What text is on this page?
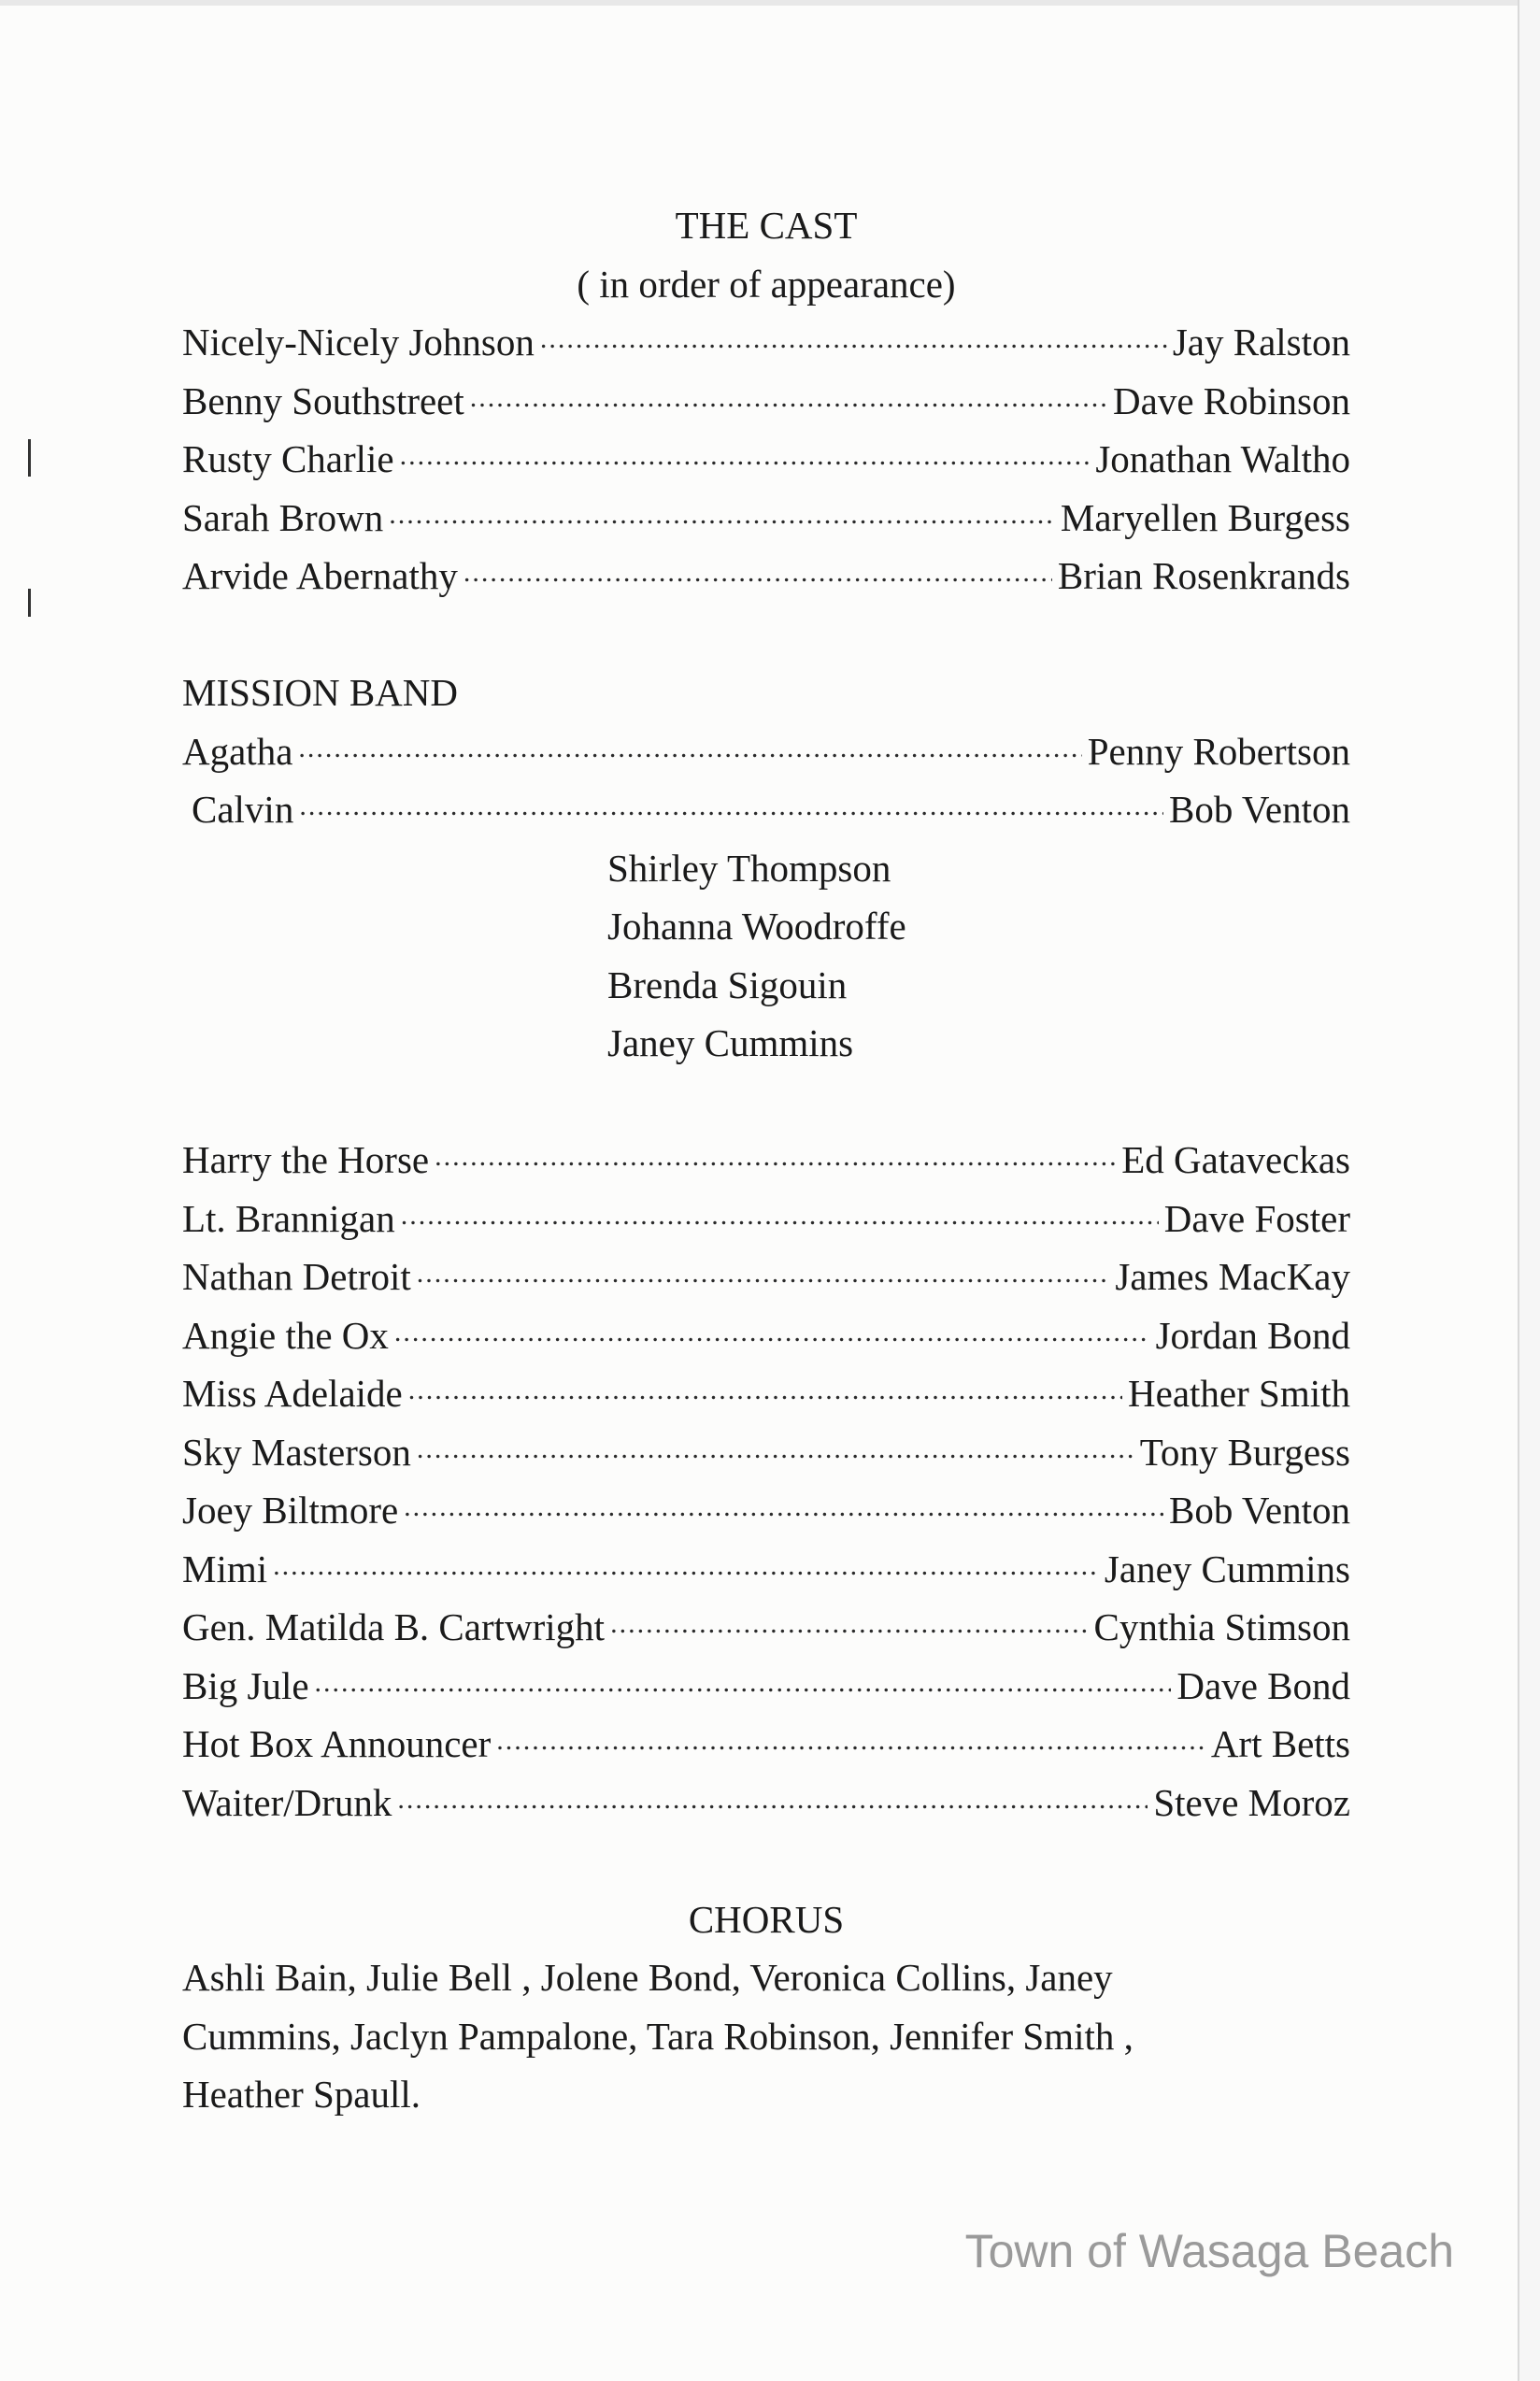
THE CAST
( in order of appearance)
Nicely-Nicely Johnson .....	Jay Ralston
Benny Southstreet .....	Dave Robinson
Rusty Charlie .....	Jonathan Waltho
Sarah Brown .....	Maryellen Burgess
Arvide Abernathy .....	Brian Rosenkrands
MISSION BAND
Agatha .....	Penny Robertson
Calvin .....	Bob Venton
Shirley Thompson
Johanna Woodroffe
Brenda Sigouin
Janey Cummins
Harry the Horse .....	Ed Gataveckas
Lt. Brannigan .....	Dave Foster
Nathan Detroit .....	James MacKay
Angie the Ox .....	Jordan Bond
Miss Adelaide .....	Heather Smith
Sky Masterson .....	Tony Burgess
Joey Biltmore .....	Bob Venton
Mimi .....	Janey Cummins
Gen. Matilda B. Cartwright .....	Cynthia Stimson
Big Jule .....	Dave Bond
Hot Box Announcer .....	Art Betts
Waiter/Drunk .....	Steve Moroz
CHORUS
Ashli Bain, Julie Bell , Jolene Bond, Veronica Collins, Janey
Cummins, Jaclyn Pampalone, Tara Robinson, Jennifer Smith ,
Heather Spaull.
Town of Wasaga Beach
